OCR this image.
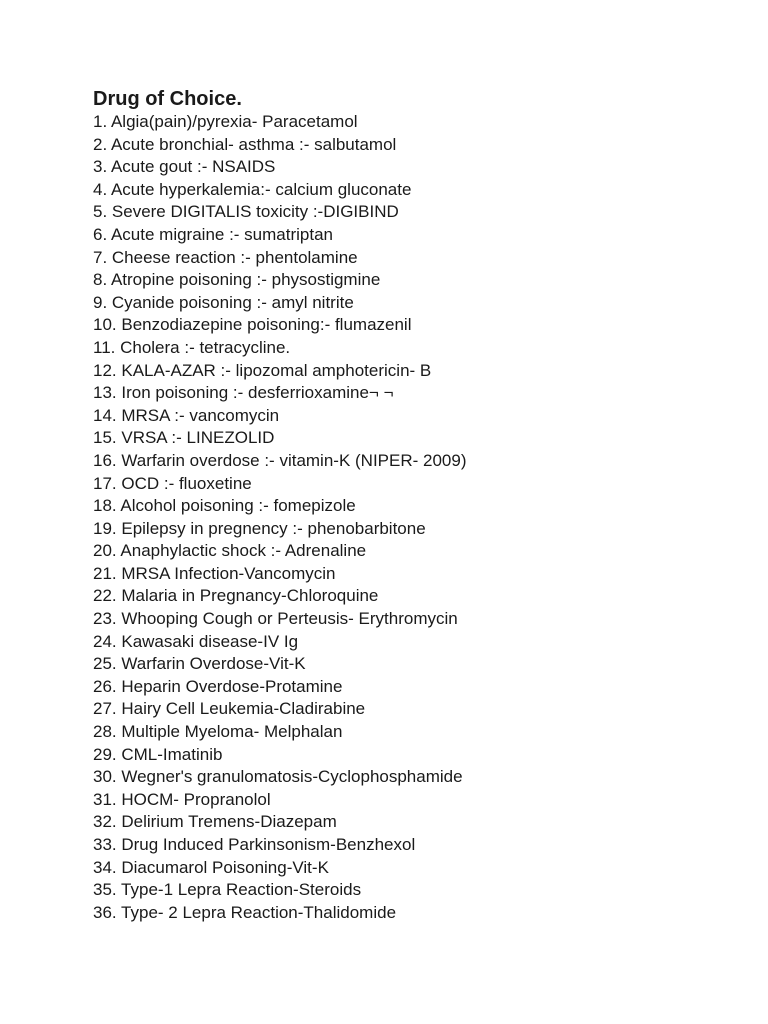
Drug of Choice.
1. Algia(pain)/pyrexia- Paracetamol
2. Acute bronchial- asthma :- salbutamol
3. Acute gout :- NSAIDS
4. Acute hyperkalemia:- calcium gluconate
5. Severe DIGITALIS toxicity :-DIGIBIND
6. Acute migraine :- sumatriptan
7. Cheese reaction :- phentolamine
8. Atropine poisoning :- physostigmine
9. Cyanide poisoning :- amyl nitrite
10. Benzodiazepine poisoning:- flumazenil
11. Cholera :- tetracycline.
12. KALA-AZAR :- lipozomal amphotericin- B
13. Iron poisoning :- desferrioxamine¬ ¬
14. MRSA :- vancomycin
15. VRSA :- LINEZOLID
16. Warfarin overdose :- vitamin-K (NIPER- 2009)
17. OCD :- fluoxetine
18. Alcohol poisoning :- fomepizole
19. Epilepsy in pregnency :- phenobarbitone
20. Anaphylactic shock :- Adrenaline
21. MRSA Infection-Vancomycin
22. Malaria in Pregnancy-Chloroquine
23. Whooping Cough or Perteusis- Erythromycin
24. Kawasaki disease-IV Ig
25. Warfarin Overdose-Vit-K
26. Heparin Overdose-Protamine
27. Hairy Cell Leukemia-Cladirabine
28. Multiple Myeloma- Melphalan
29. CML-Imatinib
30. Wegner's granulomatosis-Cyclophosphamide
31. HOCM- Propranolol
32. Delirium Tremens-Diazepam
33. Drug Induced Parkinsonism-Benzhexol
34. Diacumarol Poisoning-Vit-K
35. Type-1 Lepra Reaction-Steroids
36. Type- 2 Lepra Reaction-Thalidomide
